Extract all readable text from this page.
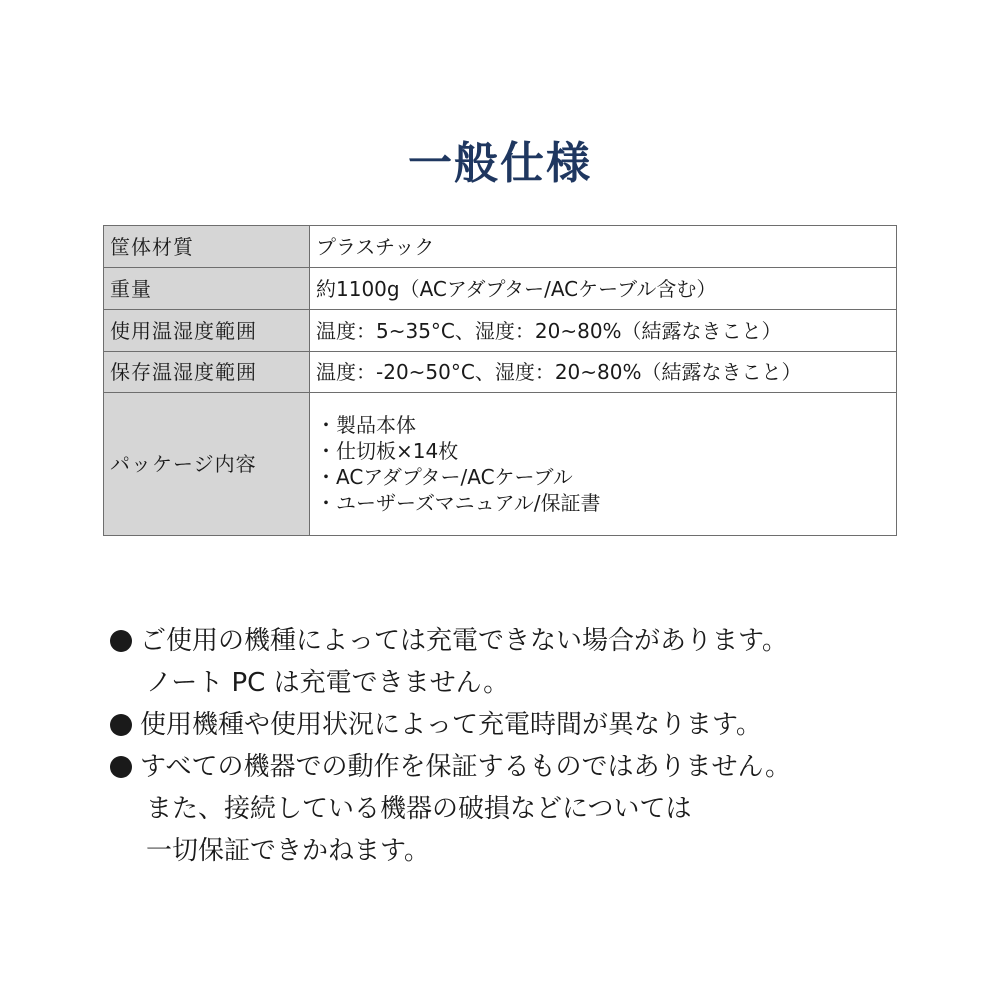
一般仕様
筐体材質	プラスチック
重量	約1100g（ACアダプター/ACケーブル含む）
使用温湿度範囲	温度：5~35°C、湿度：20~80%（結露なきこと）
保存温湿度範囲	温度：-20~50°C、湿度：20~80%（結露なきこと）
パッケージ内容	・製品本体
・仕切板×14枚
・ACアダプター/ACケーブル
・ユーザーズマニュアル/保証書
ご使用の機種によっては充電できない場合があります。
ノート PC は充電できません。
使用機種や使用状況によって充電時間が異なります。
すべての機器での動作を保証するものではありません。
また、接続している機器の破損などについては
一切保証できかねます。
